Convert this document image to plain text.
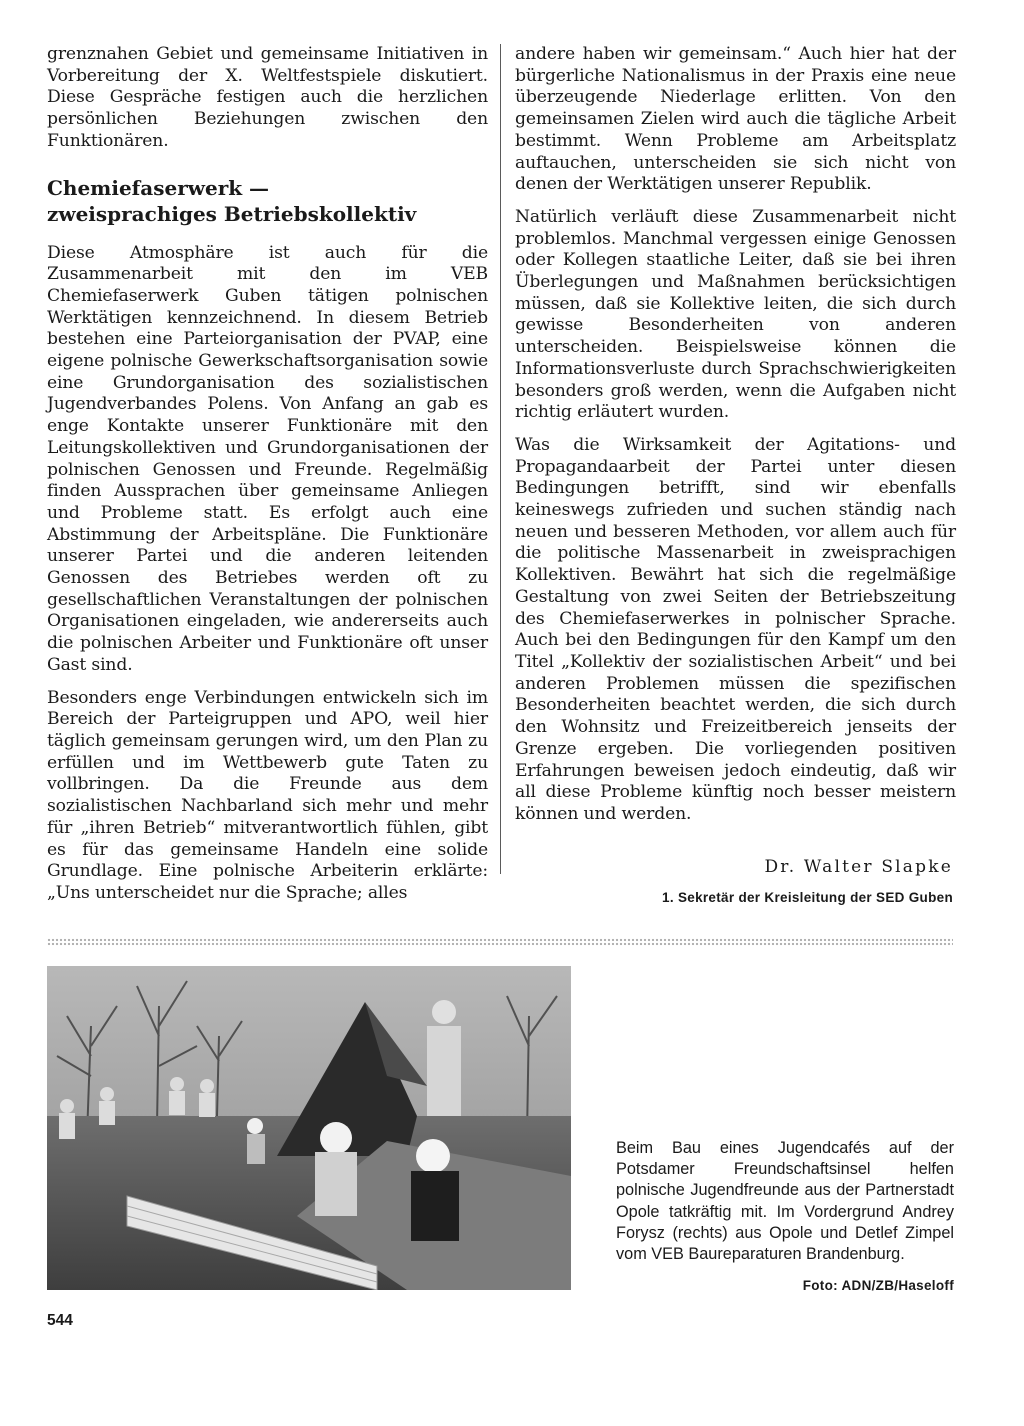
grenznahen Gebiet und gemeinsame Initiativen in Vorbereitung der X. Weltfestspiele diskutiert. Diese Gespräche festigen auch die herzlichen persönlichen Beziehungen zwischen den Funktionären.

Chemiefaserwerk —
zweisprachiges Betriebskollektiv

Diese Atmosphäre ist auch für die Zusammenarbeit mit den im VEB Chemiefaserwerk Guben tätigen polnischen Werktätigen kennzeichnend. In diesem Betrieb bestehen eine Parteiorganisation der PVAP, eine eigene polnische Gewerkschaftsorganisation sowie eine Grundorganisation des sozialistischen Jugendverbandes Polens. Von Anfang an gab es enge Kontakte unserer Funktionäre mit den Leitungskollektiven und Grundorganisationen der polnischen Genossen und Freunde. Regelmäßig finden Aussprachen über gemeinsame Anliegen und Probleme statt. Es erfolgt auch eine Abstimmung der Arbeitspläne. Die Funktionäre unserer Partei und die anderen leitenden Genossen des Betriebes werden oft zu gesellschaftlichen Veranstaltungen der polnischen Organisationen eingeladen, wie andererseits auch die polnischen Arbeiter und Funktionäre oft unser Gast sind.

Besonders enge Verbindungen entwickeln sich im Bereich der Parteigruppen und APO, weil hier täglich gemeinsam gerungen wird, um den Plan zu erfüllen und im Wettbewerb gute Taten zu vollbringen. Da die Freunde aus dem sozialistischen Nachbarland sich mehr und mehr für „ihren Betrieb“ mitverantwortlich fühlen, gibt es für das gemeinsame Handeln eine solide Grundlage. Eine polnische Arbeiterin erklärte: „Uns unterscheidet nur die Sprache; alles

andere haben wir gemeinsam.“ Auch hier hat der bürgerliche Nationalismus in der Praxis eine neue überzeugende Niederlage erlitten. Von den gemeinsamen Zielen wird auch die tägliche Arbeit bestimmt. Wenn Probleme am Arbeitsplatz auftauchen, unterscheiden sie sich nicht von denen der Werktätigen unserer Republik.

Natürlich verläuft diese Zusammenarbeit nicht problemlos. Manchmal vergessen einige Genossen oder Kollegen staatliche Leiter, daß sie bei ihren Überlegungen und Maßnahmen berücksichtigen müssen, daß sie Kollektive leiten, die sich durch gewisse Besonderheiten von anderen unterscheiden. Beispielsweise können die Informationsverluste durch Sprachschwierigkeiten besonders groß werden, wenn die Aufgaben nicht richtig erläutert wurden.

Was die Wirksamkeit der Agitations- und Propagandaarbeit der Partei unter diesen Bedingungen betrifft, sind wir ebenfalls keineswegs zufrieden und suchen ständig nach neuen und besseren Methoden, vor allem auch für die politische Massenarbeit in zweisprachigen Kollektiven. Bewährt hat sich die regelmäßige Gestaltung von zwei Seiten der Betriebszeitung des Chemiefaserwerkes in polnischer Sprache. Auch bei den Bedingungen für den Kampf um den Titel „Kollektiv der sozialistischen Arbeit“ und bei anderen Problemen müssen die spezifischen Besonderheiten beachtet werden, die sich durch den Wohnsitz und Freizeitbereich jenseits der Grenze ergeben. Die vorliegenden positiven Erfahrungen beweisen jedoch eindeutig, daß wir all diese Probleme künftig noch besser meistern können und werden.

Dr. Walter Slapke
1. Sekretär der Kreisleitung der SED Guben
Beim Bau eines Jugendcafés auf der Potsdamer Freundschaftsinsel helfen polnische Jugendfreunde aus der Partnerstadt Opole tatkräftig mit. Im Vordergrund Andrey Forysz (rechts) aus Opole und Detlef Zimpel vom VEB Baureparaturen Brandenburg.
Foto: ADN/ZB/Haseloff
544
